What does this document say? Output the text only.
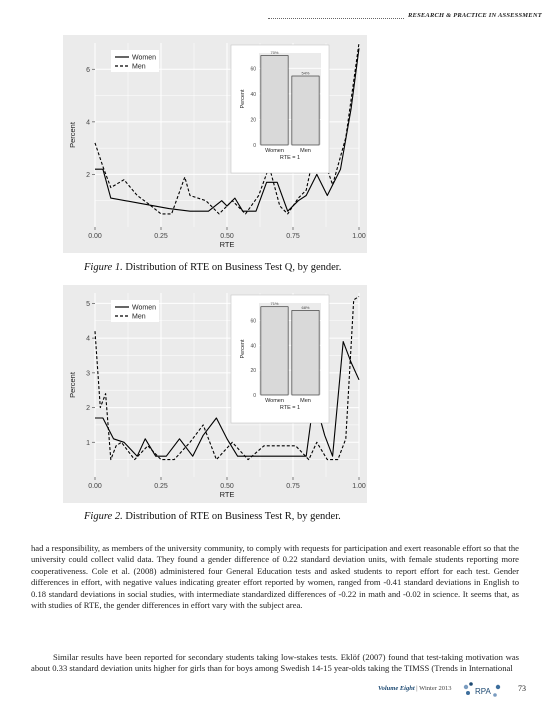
RESEARCH & PRACTICE IN ASSESSMENT
0.00	0.25	0.50	0.75	1.00
2
4
6
RTE
Percent
Women
Men
0
20
40
60
Percent
70%
Women
54%
Men
RTE = 1
Figure 1. Distribution of RTE on Business Test Q, by gender.
0.00	0.25	0.50	0.75	1.00
1
2
3
4
5
RTE
Percent
Women
Men
0
20
40
60
Percent
71%
Women
68%
Men
RTE = 1
Figure 2. Distribution of RTE on Business Test R, by gender.

had a responsibility, as members of the university community, to comply with requests for participation and exert reasonable effort so that the university could collect valid data. They found a gender difference of 0.22 standard deviation units, with female students reporting more cooperativeness. Cole et al. (2008) administered four General Education tests and asked students to report effort for each test. Gender differences in effort, with negative values indicating greater effort reported by women, ranged from -0.41 standard deviations in English to 0.18 standard deviations in social studies, with intermediate standardized differences of -0.22 in math and -0.02 in science. It seems that, as with studies of RTE, the gender differences in effort vary with the subject area.

Similar results have been reported for secondary students taking low-stakes tests. Eklöf (2007) found that test-taking motivation was about 0.33 standard deviation units higher for girls than for boys among Swedish 14-15 year-olds taking the TIMSS (Trends in International

Volume Eight | Winter 2013	RPA	73
